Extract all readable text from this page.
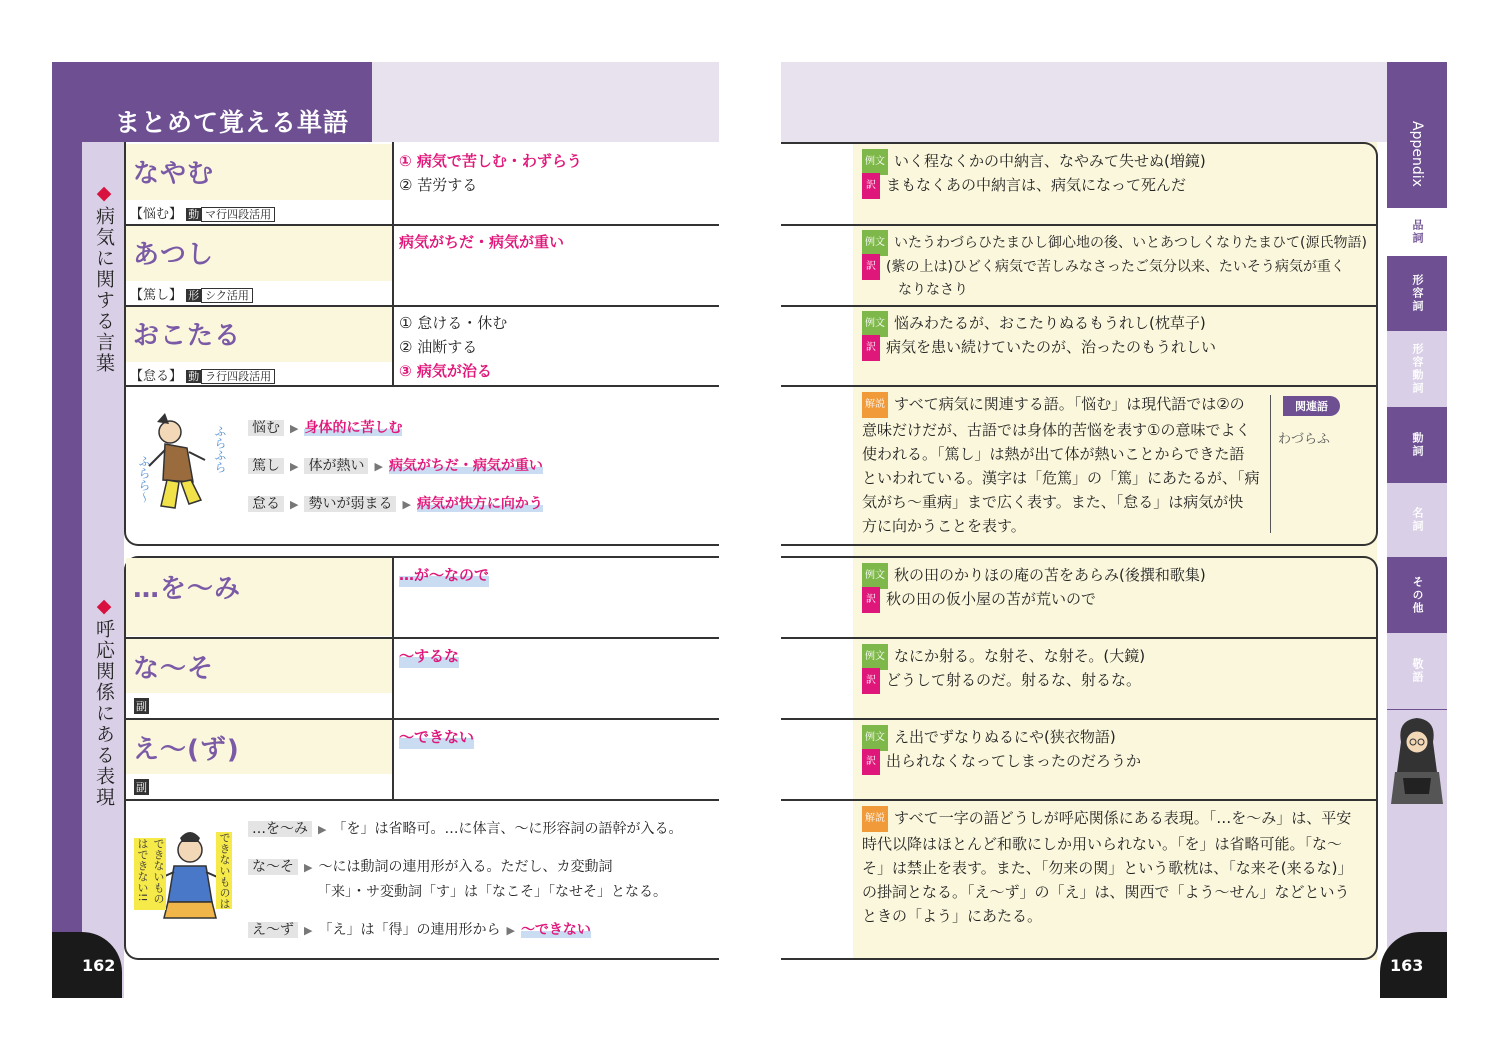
まとめて覚える単語
◆病気に関する言葉
◆呼応関係にある表現
なやむ
【悩む】 動 マ行四段活用
① 病気で苦しむ・わずらう
② 苦労する
あつし
【篤し】 形 シク活用
病気がちだ・病気が重い
おこたる
【怠る】 動 ラ行四段活用
① 怠ける・休む
② 油断する
③ 病気が治る
ふらふら
ふらら〜
悩む ▶ 身体的に苦しむ
篤し ▶ 体が熱い ▶ 病気がちだ・病気が重い
怠る ▶ 勢いが弱まる ▶ 病気が快方に向かう
…を〜み	…が〜なので
な〜そ
副
〜するな
え〜(ず)
副
〜できない
できないものはできない!!	できないものは
…を〜み ▶ 「を」は省略可。…に体言、〜に形容詞の語幹が入る。
な〜そ ▶ 〜には動詞の連用形が入る。ただし、カ変動詞
「来」・サ変動詞「す」は「なこそ」「なせそ」となる。
え〜ず ▶ 「え」は「得」の連用形から ▶ 〜できない
162
例文 いく程なくかの中納言、なやみて失せぬ(増鏡)
訳 まもなくあの中納言は、病気になって死んだ
例文 いたうわづらひたまひし御心地の後、いとあつしくなりたまひて(源氏物語)
訳 (紫の上は)ひどく病気で苦しみなさったご気分以来、たいそう病気が重く
なりなさり
例文 悩みわたるが、おこたりぬるもうれし(枕草子)
訳 病気を患い続けていたのが、治ったのもうれしい
解説 すべて病気に関連する語。「悩む」は現代語では②の
意味だけだが、古語では身体的苦悩を表す①の意味でよく
使われる。「篤し」は熱が出て体が熱いことからできた語
といわれている。漢字は「危篤」の「篤」にあたるが、「病
気がち〜重病」まで広く表す。また、「怠る」は病気が快
方に向かうことを表す。
関連語
わづらふ
例文 秋の田のかりほの庵の苫をあらみ(後撰和歌集)
訳 秋の田の仮小屋の苫が荒いので
例文 なにか射る。な射そ、な射そ。(大鏡)
訳 どうして射るのだ。射るな、射るな。
例文 え出でずなりぬるにや(狭衣物語)
訳 出られなくなってしまったのだろうか
解説 すべて一字の語どうしが呼応関係にある表現。「…を〜み」は、平安
時代以降はほとんど和歌にしか用いられない。「を」は省略可能。「な〜
そ」は禁止を表す。また、「勿来の関」という歌枕は、「な来そ(来るな)」
の掛詞となる。「え〜ず」の「え」は、関西で「よう〜せん」などという
ときの「よう」にあたる。
Appendix
品詞
形容詞
形容動詞
動詞
名詞
その他
敬語
163
